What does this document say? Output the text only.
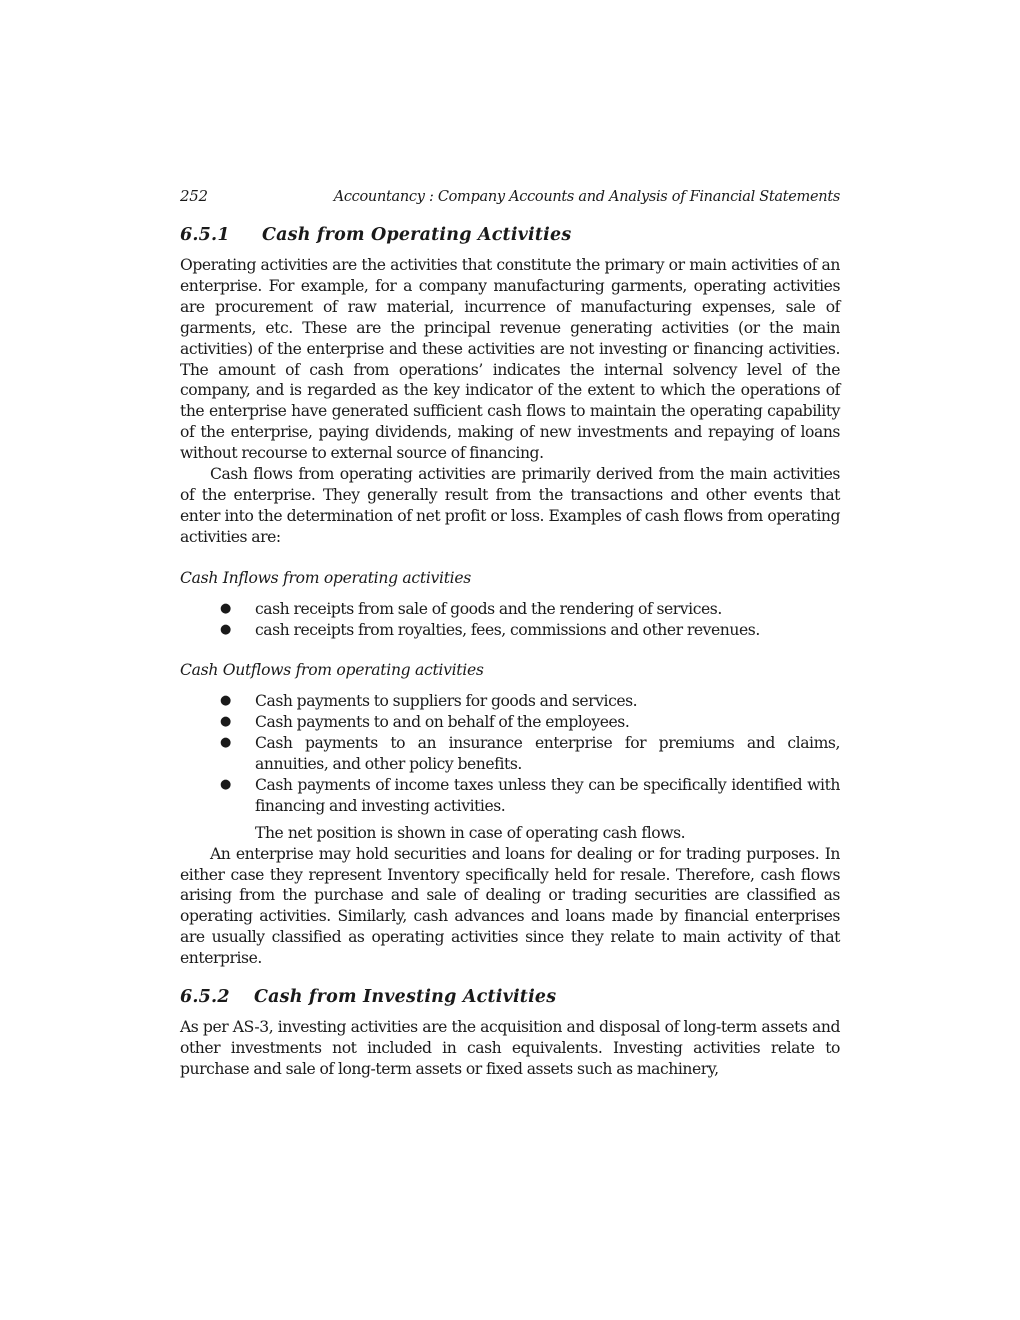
252	Accountancy : Company Accounts and Analysis of Financial Statements
6.5.1	Cash from Operating Activities

Operating activities are the activities that constitute the primary or main activities of an enterprise. For example, for a company manufacturing garments, operating activities are procurement of raw material, incurrence of manufacturing expenses, sale of garments, etc. These are the principal revenue generating activities (or the main activities) of the enterprise and these activities are not investing or financing activities. The amount of cash from operations’ indicates the internal solvency level of the company, and is regarded as the key indicator of the extent to which the operations of the enterprise have generated sufficient cash flows to maintain the operating capability of the enterprise, paying dividends, making of new investments and repaying of loans without recourse to external source of financing.

Cash flows from operating activities are primarily derived from the main activities of the enterprise. They generally result from the transactions and other events that enter into the determination of net profit or loss. Examples of cash flows from operating activities are:

Cash Inflows from operating activities
● cash receipts from sale of goods and the rendering of services.
● cash receipts from royalties, fees, commissions and other revenues.
Cash Outflows from operating activities
● Cash payments to suppliers for goods and services.
● Cash payments to and on behalf of the employees.
● Cash payments to an insurance enterprise for premiums and claims, annuities, and other policy benefits.
● Cash payments of income taxes unless they can be specifically identified with financing and investing activities.
The net position is shown in case of operating cash flows.

An enterprise may hold securities and loans for dealing or for trading purposes. In either case they represent Inventory specifically held for resale. Therefore, cash flows arising from the purchase and sale of dealing or trading securities are classified as operating activities. Similarly, cash advances and loans made by financial enterprises are usually classified as operating activities since they relate to main activity of that enterprise.

6.5.2	Cash from Investing Activities

As per AS-3, investing activities are the acquisition and disposal of long-term assets and other investments not included in cash equivalents. Investing activities relate to purchase and sale of long-term assets or fixed assets such as machinery,
